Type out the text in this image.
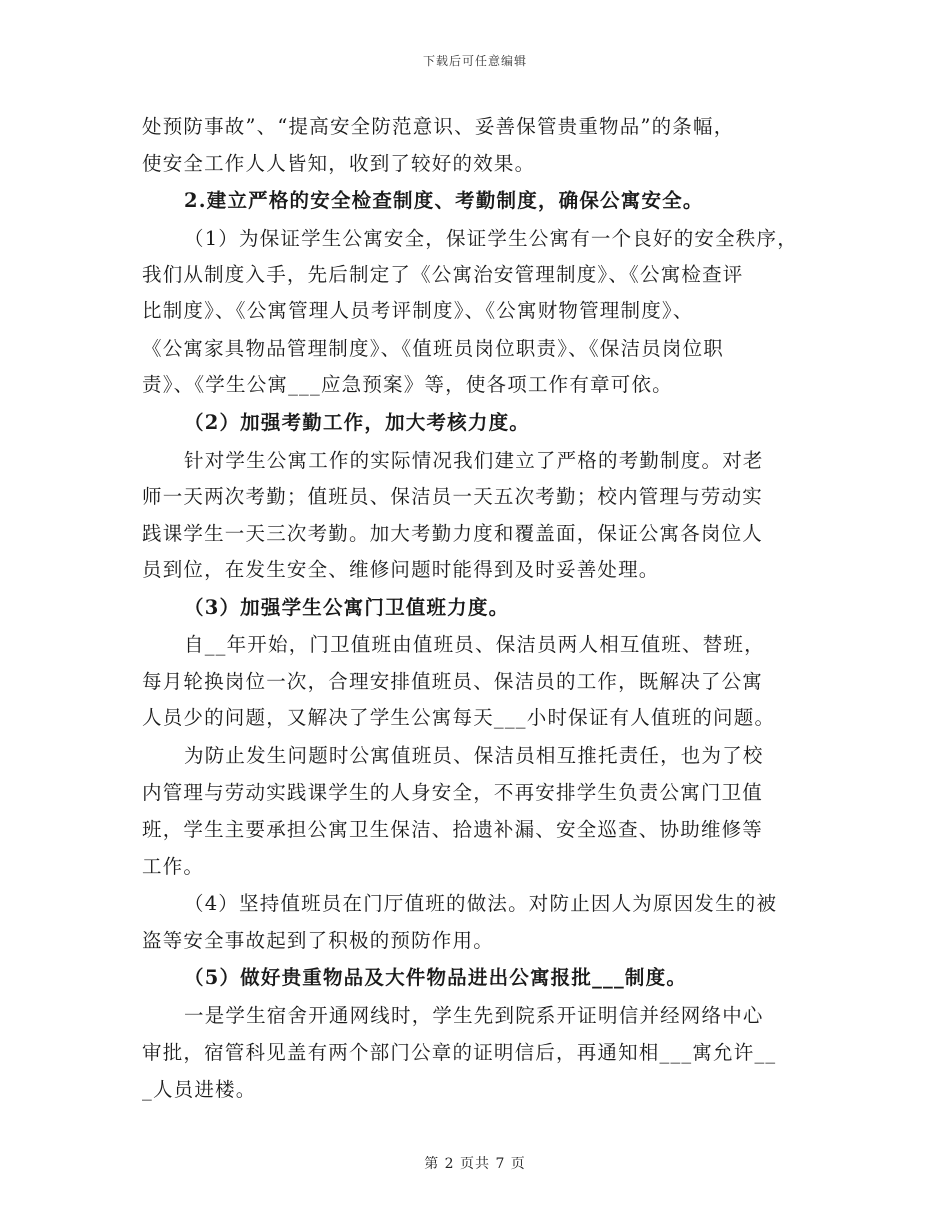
下载后可任意编辑
处预防事故”、“提高安全防范意识、妥善保管贵重物品”的条幅，
使安全工作人人皆知，收到了较好的效果。
2.建立严格的安全检查制度、考勤制度，确保公寓安全。
（1）为保证学生公寓安全，保证学生公寓有一个良好的安全秩序，
我们从制度入手，先后制定了《公寓治安管理制度》、《公寓检查评
比制度》、《公寓管理人员考评制度》、《公寓财物管理制度》、
《公寓家具物品管理制度》、《值班员岗位职责》、《保洁员岗位职
责》、《学生公寓___应急预案》等，使各项工作有章可依。
（2）加强考勤工作，加大考核力度。
针对学生公寓工作的实际情况我们建立了严格的考勤制度。对老
师一天两次考勤；值班员、保洁员一天五次考勤；校内管理与劳动实
践课学生一天三次考勤。加大考勤力度和覆盖面，保证公寓各岗位人
员到位，在发生安全、维修问题时能得到及时妥善处理。
（3）加强学生公寓门卫值班力度。
自__年开始，门卫值班由值班员、保洁员两人相互值班、替班，
每月轮换岗位一次，合理安排值班员、保洁员的工作，既解决了公寓
人员少的问题，又解决了学生公寓每天___小时保证有人值班的问题。
为防止发生问题时公寓值班员、保洁员相互推托责任，也为了校
内管理与劳动实践课学生的人身安全，不再安排学生负责公寓门卫值
班，学生主要承担公寓卫生保洁、拾遗补漏、安全巡查、协助维修等
工作。
（4）坚持值班员在门厅值班的做法。对防止因人为原因发生的被
盗等安全事故起到了积极的预防作用。
（5）做好贵重物品及大件物品进出公寓报批___制度。
一是学生宿舍开通网线时，学生先到院系开证明信并经网络中心
审批，宿管科见盖有两个部门公章的证明信后，再通知相___寓允许__
_人员进楼。
第 2 页共 7 页
